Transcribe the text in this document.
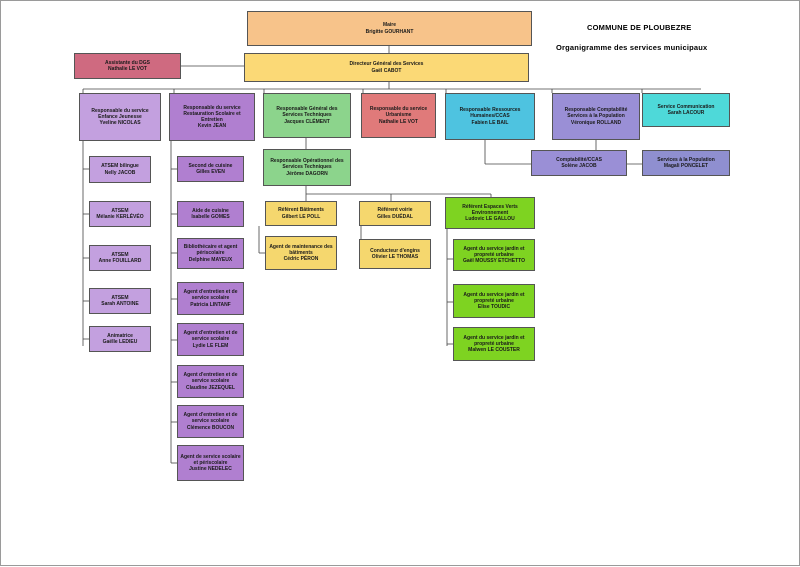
COMMUNE DE PLOUBEZRE
Organigramme des services municipaux
Maire
Brigitte GOURHANT
Directeur Général des Services
Gaël CABOT
Assistante du DGS
Nathalie LE VOT
Responsable du service Enfance Jeunesse
Yveline NICOLAS
ATSEM bilingue
Nelly JACOB
ATSEM
Mélanie KERLÉVÉO
ATSEM
Anne FOUILLARD
ATSEM
Sarah ANTOINE
Animatrice
Gaëlle LEDIEU
Responsable du service Restauration Scolaire et Entretien
Kevin JEAN
Second de cuisine
Gilles EVEN
Aide de cuisine
Isabelle GOMES
Bibliothécaire et agent périscolaire
Delphine MAYEUX
Agent d'entretien et de service scolaire
Patricia LINTANF
Agent d'entretien et de service scolaire
Lydie LE FLEM
Agent d'entretien et de service scolaire
Claudine JEZEQUEL
Agent d'entretien et de service scolaire
Clémence BOUCON
Agent de service scolaire et périscolaire
Justine NEDELEC
Responsable Général des Services Techniques
Jacques CLÉMENT
Responsable Opérationnel des Services Techniques
Jérôme DAGORN
Référent Bâtiments
Gilbert LE POLL
Agent de maintenance des bâtiments
Cédric PÉRON
Référent voirie
Gilles DUÉDAL
Conducteur d'engins
Olivier LE THOMAS
Référent Espaces Verts Environnement
Ludovic LE GALLOU
Agent du service jardin et propreté urbaine
Gaël MOUSSY ETCHETTO
Agent du service jardin et propreté urbaine
Elise TOUDIC
Agent du service jardin et propreté urbaine
Malwen LE COUSTER
Responsable du service Urbanisme
Nathalie LE VOT
Responsable Ressources Humaines/CCAS
Fabien LE BAIL
Comptabilité/CCAS
Solène JACOB
Responsable Comptabilité Services à la Population
Véronique ROLLAND
Services à la Population
Magali PONCELET
Service Communication
Sarah LACOUR
